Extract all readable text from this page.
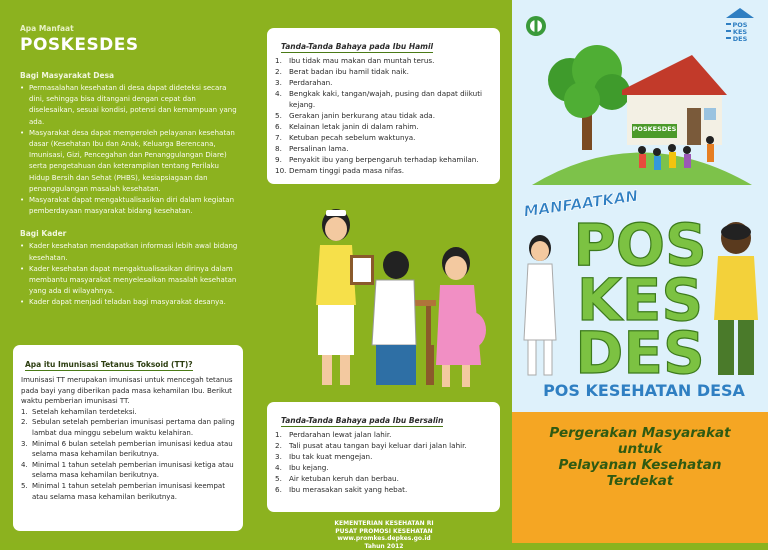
Apa Manfaat
POSKESDES
Bagi Masyarakat Desa
• Permasalahan kesehatan di desa dapat dideteksi secara dini, sehingga bisa ditangani dengan cepat dan diselesaikan, sesuai kondisi, potensi dan kemampuan yang ada.
• Masyarakat desa dapat memperoleh pelayanan kesehatan dasar (Kesehatan Ibu dan Anak, Keluarga Berencana, Imunisasi, Gizi, Pencegahan dan Penanggulangan Diare) serta pengetahuan dan keterampilan tentang Perilaku Hidup Bersih dan Sehat (PHBS), kesiapsiagaan dan penanggulangan masalah kesehatan.
• Masyarakat dapat mengaktualisasikan diri dalam kegiatan pemberdayaan masyarakat bidang kesehatan.
Bagi Kader
• Kader kesehatan mendapatkan informasi lebih awal bidang kesehatan.
• Kader kesehatan dapat mengaktualisasikan dirinya dalam membantu masyarakat menyelesaikan masalah kesehatan yang ada di wilayahnya.
• Kader dapat menjadi teladan bagi masyarakat desanya.
Apa itu Imunisasi Tetanus Toksoid (TT)?
Imunisasi TT merupakan imunisasi untuk mencegah tetanus pada bayi yang diberikan pada masa kehamilan Ibu. Berikut waktu pemberian imunisasi TT.
1. Setelah kehamilan terdeteksi.
2. Sebulan setelah pemberian imunisasi pertama dan paling lambat dua minggu sebelum waktu kelahiran.
3. Minimal 6 bulan setelah pemberian imunisasi kedua atau selama masa kehamilan berikutnya.
4. Minimal 1 tahun setelah pemberian imunisasi ketiga atau selama masa kehamilan berikutnya.
5. Minimal 1 tahun setelah pemberian imunisasi keempat atau selama masa kehamilan berikutnya.
Tanda-Tanda Bahaya pada Ibu Hamil
1. Ibu tidak mau makan dan muntah terus.
2. Berat badan ibu hamil tidak naik.
3. Perdarahan.
4. Bengkak kaki, tangan/wajah, pusing dan dapat diikuti kejang.
5. Gerakan janin berkurang atau tidak ada.
6. Kelainan letak janin di dalam rahim.
7. Ketuban pecah sebelum waktunya.
8. Persalinan lama.
9. Penyakit ibu yang berpengaruh terhadap kehamilan.
10. Demam tinggi pada masa nifas.
Tanda-Tanda Bahaya pada Ibu Bersalin
1. Perdarahan lewat jalan lahir.
2. Tali pusat atau tangan bayi keluar dari jalan lahir.
3. Ibu tak kuat mengejan.
4. Ibu kejang.
5. Air ketuban keruh dan berbau.
6. Ibu merasakan sakit yang hebat.
KEMENTERIAN KESEHATAN RI
PUSAT PROMOSI KESEHATAN
www.promkes.depkes.go.id
Tahun 2012
POS
KES
DES
POSKESDES
MANFAATKAN
POS
KES
DES
POS KESEHATAN DESA
Pergerakan Masyarakat
untuk
Pelayanan Kesehatan
Terdekat
